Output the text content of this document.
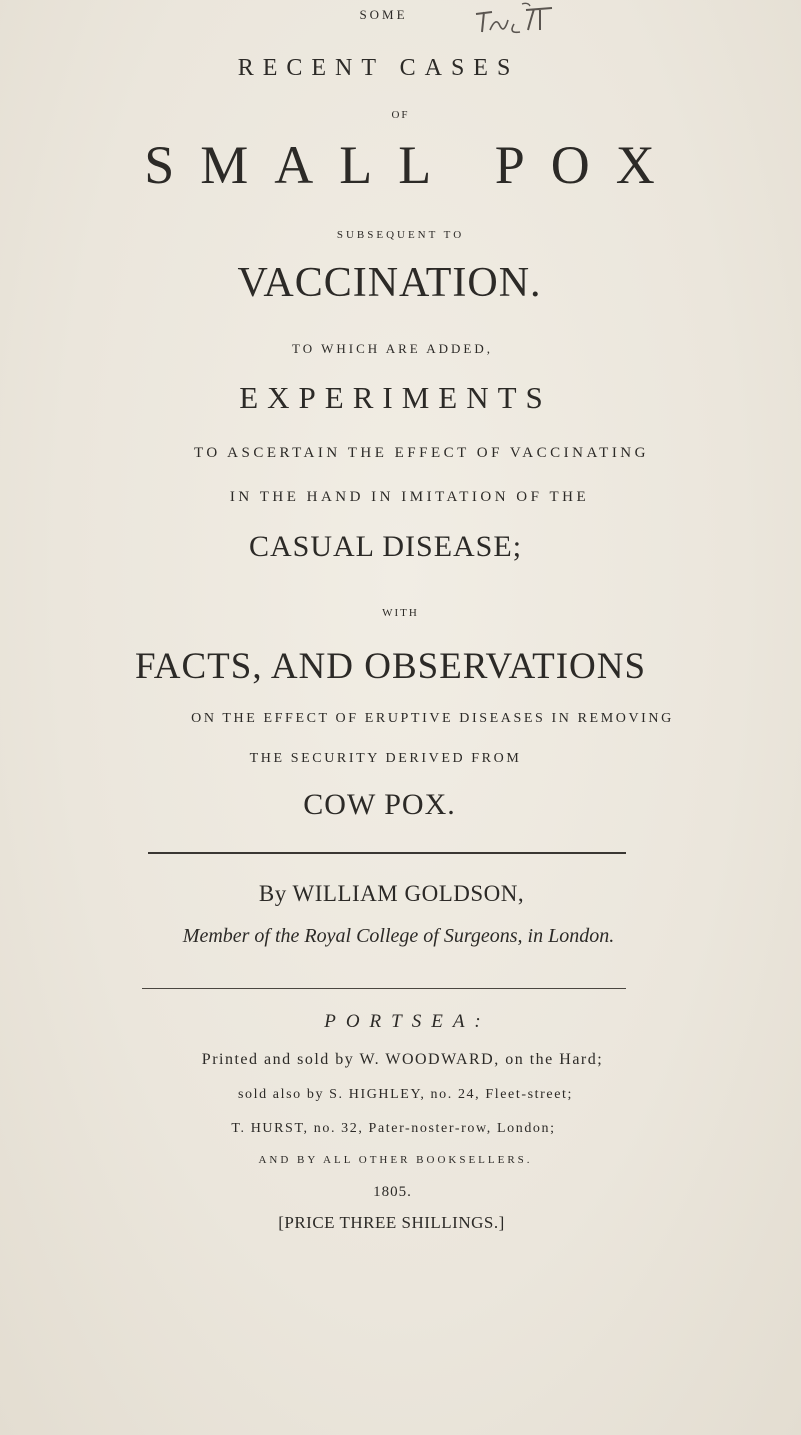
SOME
RECENT CASES
OF
SMALL POX
SUBSEQUENT TO
VACCINATION.
TO WHICH ARE ADDED,
EXPERIMENTS
TO ASCERTAIN THE EFFECT OF VACCINATING
IN THE HAND IN IMITATION OF THE
CASUAL DISEASE;
WITH
FACTS, AND OBSERVATIONS
ON THE EFFECT OF ERUPTIVE DISEASES IN REMOVING
THE SECURITY DERIVED FROM
COW POX.
By WILLIAM GOLDSON,
Member of the Royal College of Surgeons, in London.
PORTSEA:
Printed and sold by W. WOODWARD, on the Hard;
sold also by S. HIGHLEY, no. 24, Fleet-street;
T. HURST, no. 32, Pater-noster-row, London;
AND BY ALL OTHER BOOKSELLERS.
1805.
[PRICE THREE SHILLINGS.]
